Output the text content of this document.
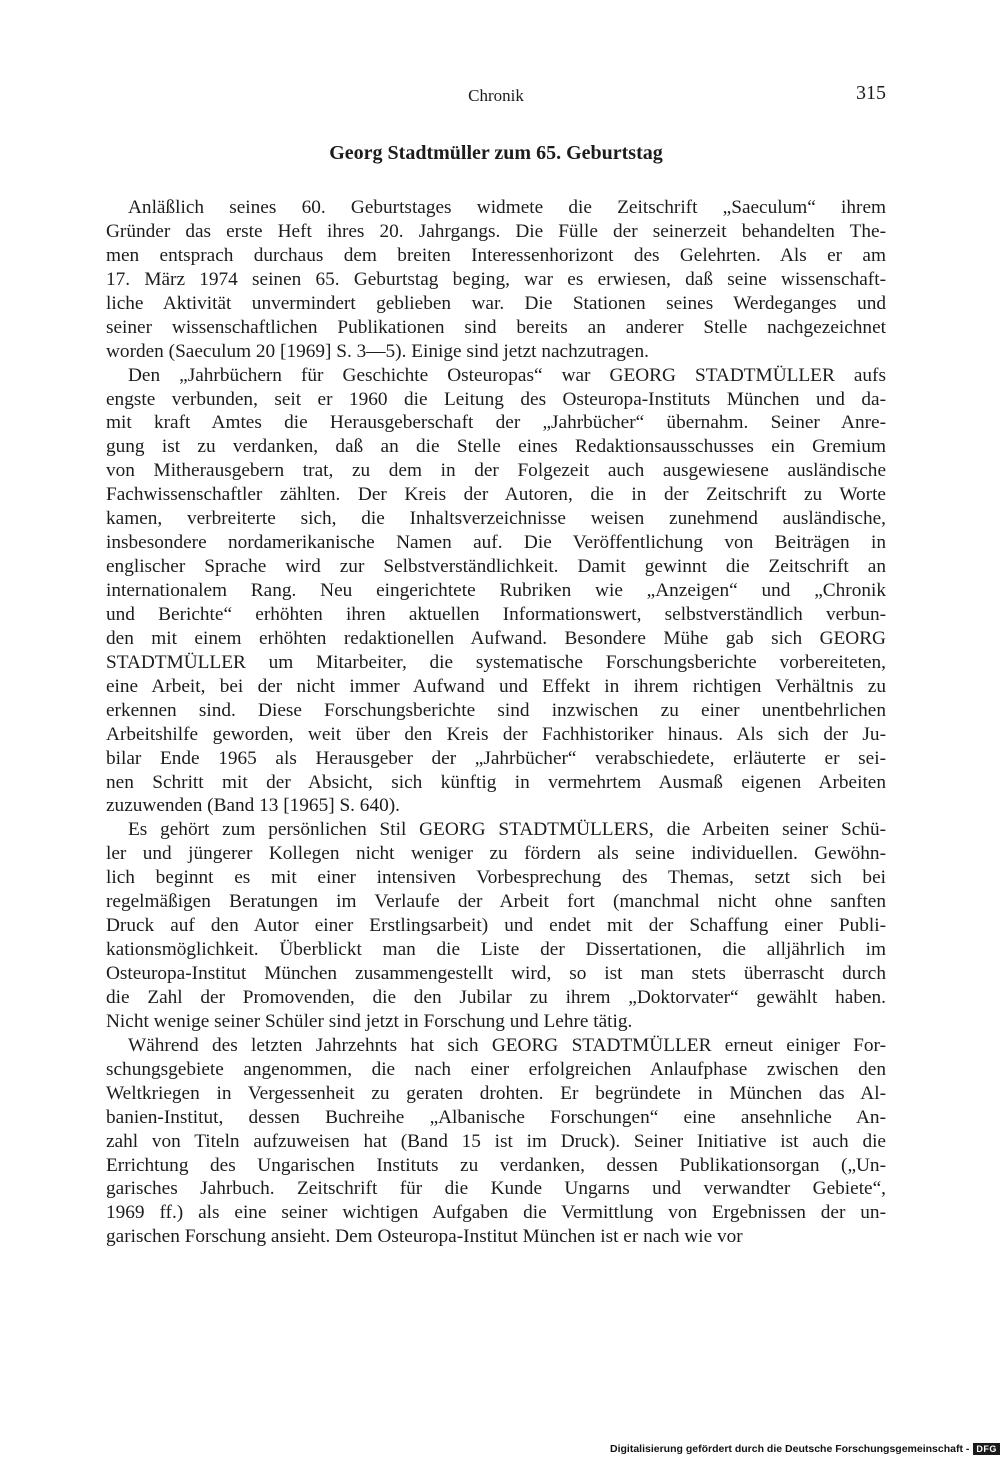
Chronik	315
Georg Stadtmüller zum 65. Geburtstag
Anläßlich seines 60. Geburtstages widmete die Zeitschrift „Saeculum“ ihrem
Gründer das erste Heft ihres 20. Jahrgangs. Die Fülle der seinerzeit behandelten The-
men entsprach durchaus dem breiten Interessenhorizont des Gelehrten. Als er am
17. März 1974 seinen 65. Geburtstag beging, war es erwiesen, daß seine wissenschaft-
liche Aktivität unvermindert geblieben war. Die Stationen seines Werdeganges und
seiner wissenschaftlichen Publikationen sind bereits an anderer Stelle nachgezeichnet
worden (Saeculum 20 [1969] S. 3—5). Einige sind jetzt nachzutragen.
Den „Jahrbüchern für Geschichte Osteuropas“ war GEORG STADTMÜLLER aufs
engste verbunden, seit er 1960 die Leitung des Osteuropa-Instituts München und da-
mit kraft Amtes die Herausgeberschaft der „Jahrbücher“ übernahm. Seiner Anre-
gung ist zu verdanken, daß an die Stelle eines Redaktionsausschusses ein Gremium
von Mitherausgebern trat, zu dem in der Folgezeit auch ausgewiesene ausländische
Fachwissenschaftler zählten. Der Kreis der Autoren, die in der Zeitschrift zu Worte
kamen, verbreiterte sich, die Inhaltsverzeichnisse weisen zunehmend ausländische,
insbesondere nordamerikanische Namen auf. Die Veröffentlichung von Beiträgen in
englischer Sprache wird zur Selbstverständlichkeit. Damit gewinnt die Zeitschrift an
internationalem Rang. Neu eingerichtete Rubriken wie „Anzeigen“ und „Chronik
und Berichte“ erhöhten ihren aktuellen Informationswert, selbstverständlich verbun-
den mit einem erhöhten redaktionellen Aufwand. Besondere Mühe gab sich GEORG
STADTMÜLLER um Mitarbeiter, die systematische Forschungsberichte vorbereiteten,
eine Arbeit, bei der nicht immer Aufwand und Effekt in ihrem richtigen Verhältnis zu
erkennen sind. Diese Forschungsberichte sind inzwischen zu einer unentbehrlichen
Arbeitshilfe geworden, weit über den Kreis der Fachhistoriker hinaus. Als sich der Ju-
bilar Ende 1965 als Herausgeber der „Jahrbücher“ verabschiedete, erläuterte er sei-
nen Schritt mit der Absicht, sich künftig in vermehrtem Ausmaß eigenen Arbeiten
zuzuwenden (Band 13 [1965] S. 640).
Es gehört zum persönlichen Stil GEORG STADTMÜLLERS, die Arbeiten seiner Schü-
ler und jüngerer Kollegen nicht weniger zu fördern als seine individuellen. Gewöhn-
lich beginnt es mit einer intensiven Vorbesprechung des Themas, setzt sich bei
regelmäßigen Beratungen im Verlaufe der Arbeit fort (manchmal nicht ohne sanften
Druck auf den Autor einer Erstlingsarbeit) und endet mit der Schaffung einer Publi-
kationsmöglichkeit. Überblickt man die Liste der Dissertationen, die alljährlich im
Osteuropa-Institut München zusammengestellt wird, so ist man stets überrascht durch
die Zahl der Promovenden, die den Jubilar zu ihrem „Doktorvater“ gewählt haben.
Nicht wenige seiner Schüler sind jetzt in Forschung und Lehre tätig.
Während des letzten Jahrzehnts hat sich GEORG STADTMÜLLER erneut einiger For-
schungsgebiete angenommen, die nach einer erfolgreichen Anlaufphase zwischen den
Weltkriegen in Vergessenheit zu geraten drohten. Er begründete in München das Al-
banien-Institut, dessen Buchreihe „Albanische Forschungen“ eine ansehnliche An-
zahl von Titeln aufzuweisen hat (Band 15 ist im Druck). Seiner Initiative ist auch die
Errichtung des Ungarischen Instituts zu verdanken, dessen Publikationsorgan („Un-
garisches Jahrbuch. Zeitschrift für die Kunde Ungarns und verwandter Gebiete“,
1969 ff.) als eine seiner wichtigen Aufgaben die Vermittlung von Ergebnissen der un-
garischen Forschung ansieht. Dem Osteuropa-Institut München ist er nach wie vor
Digitalisierung gefördert durch die Deutsche Forschungsgemeinschaft - DFG
